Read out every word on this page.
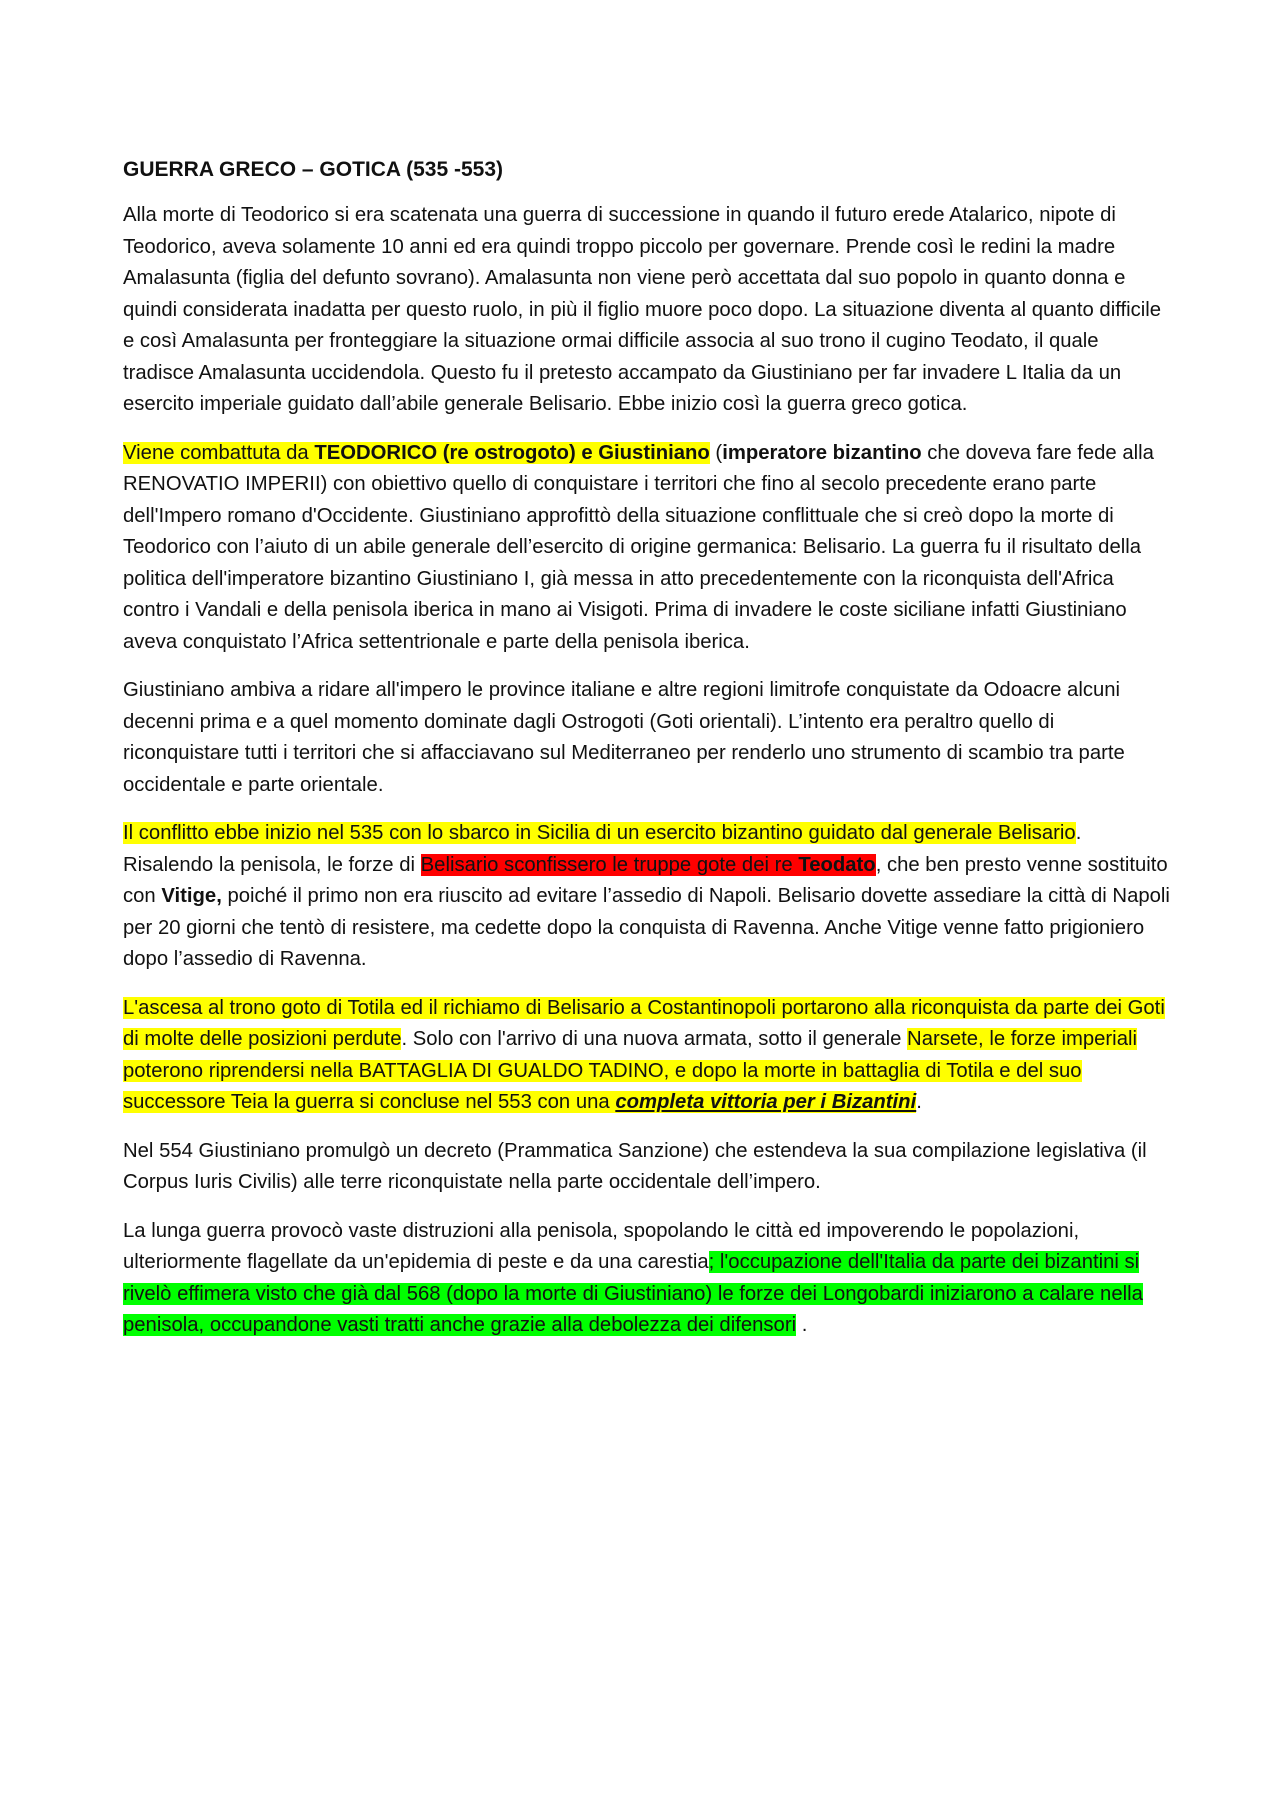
GUERRA GRECO – GOTICA (535 -553)

Alla morte di Teodorico si era scatenata una guerra di successione in quando il futuro erede Atalarico, nipote di Teodorico, aveva solamente 10 anni ed era quindi troppo piccolo per governare. Prende così le redini la madre Amalasunta (figlia del defunto sovrano). Amalasunta non viene però accettata dal suo popolo in quanto donna e quindi considerata inadatta per questo ruolo, in più il figlio muore poco dopo. La situazione diventa al quanto difficile e così Amalasunta per fronteggiare la situazione ormai difficile associa al suo trono il cugino Teodato, il quale tradisce Amalasunta uccidendola. Questo fu il pretesto accampato da Giustiniano per far invadere L Italia da un esercito imperiale guidato dall’abile generale Belisario. Ebbe inizio così la guerra greco gotica.

Viene combattuta da TEODORICO (re ostrogoto) e Giustiniano (imperatore bizantino che doveva fare fede alla RENOVATIO IMPERII) con obiettivo quello di conquistare i territori che fino al secolo precedente erano parte dell'Impero romano d'Occidente. Giustiniano approfittò della situazione conflittuale che si creò dopo la morte di Teodorico con l’aiuto di un abile generale dell’esercito di origine germanica: Belisario. La guerra fu il risultato della politica dell'imperatore bizantino Giustiniano I, già messa in atto precedentemente con la riconquista dell'Africa contro i Vandali e della penisola iberica in mano ai Visigoti. Prima di invadere le coste siciliane infatti Giustiniano aveva conquistato l’Africa settentrionale e parte della penisola iberica.

Giustiniano ambiva a ridare all'impero le province italiane e altre regioni limitrofe conquistate da Odoacre alcuni decenni prima e a quel momento dominate dagli Ostrogoti (Goti orientali). L’intento era peraltro quello di riconquistare tutti i territori che si affacciavano sul Mediterraneo per renderlo uno strumento di scambio tra parte occidentale e parte orientale.

Il conflitto ebbe inizio nel 535 con lo sbarco in Sicilia di un esercito bizantino guidato dal generale Belisario. Risalendo la penisola, le forze di Belisario sconfissero le truppe gote dei re Teodato, che ben presto venne sostituito con Vitige, poiché il primo non era riuscito ad evitare l’assedio di Napoli. Belisario dovette assediare la città di Napoli per 20 giorni che tentò di resistere, ma cedette dopo la conquista di Ravenna. Anche Vitige venne fatto prigioniero dopo l’assedio di Ravenna.

L'ascesa al trono goto di Totila ed il richiamo di Belisario a Costantinopoli portarono alla riconquista da parte dei Goti di molte delle posizioni perdute. Solo con l'arrivo di una nuova armata, sotto il generale Narsete, le forze imperiali poterono riprendersi nella BATTAGLIA DI GUALDO TADINO, e dopo la morte in battaglia di Totila e del suo successore Teia la guerra si concluse nel 553 con una completa vittoria per i Bizantini.

Nel 554 Giustiniano promulgò un decreto (Prammatica Sanzione) che estendeva la sua compilazione legislativa (il Corpus Iuris Civilis) alle terre riconquistate nella parte occidentale dell’impero.

La lunga guerra provocò vaste distruzioni alla penisola, spopolando le città ed impoverendo le popolazioni, ulteriormente flagellate da un'epidemia di peste e da una carestia; l'occupazione dell'Italia da parte dei bizantini si rivelò effimera visto che già dal 568 (dopo la morte di Giustiniano) le forze dei Longobardi iniziarono a calare nella penisola, occupandone vasti tratti anche grazie alla debolezza dei difensori .
